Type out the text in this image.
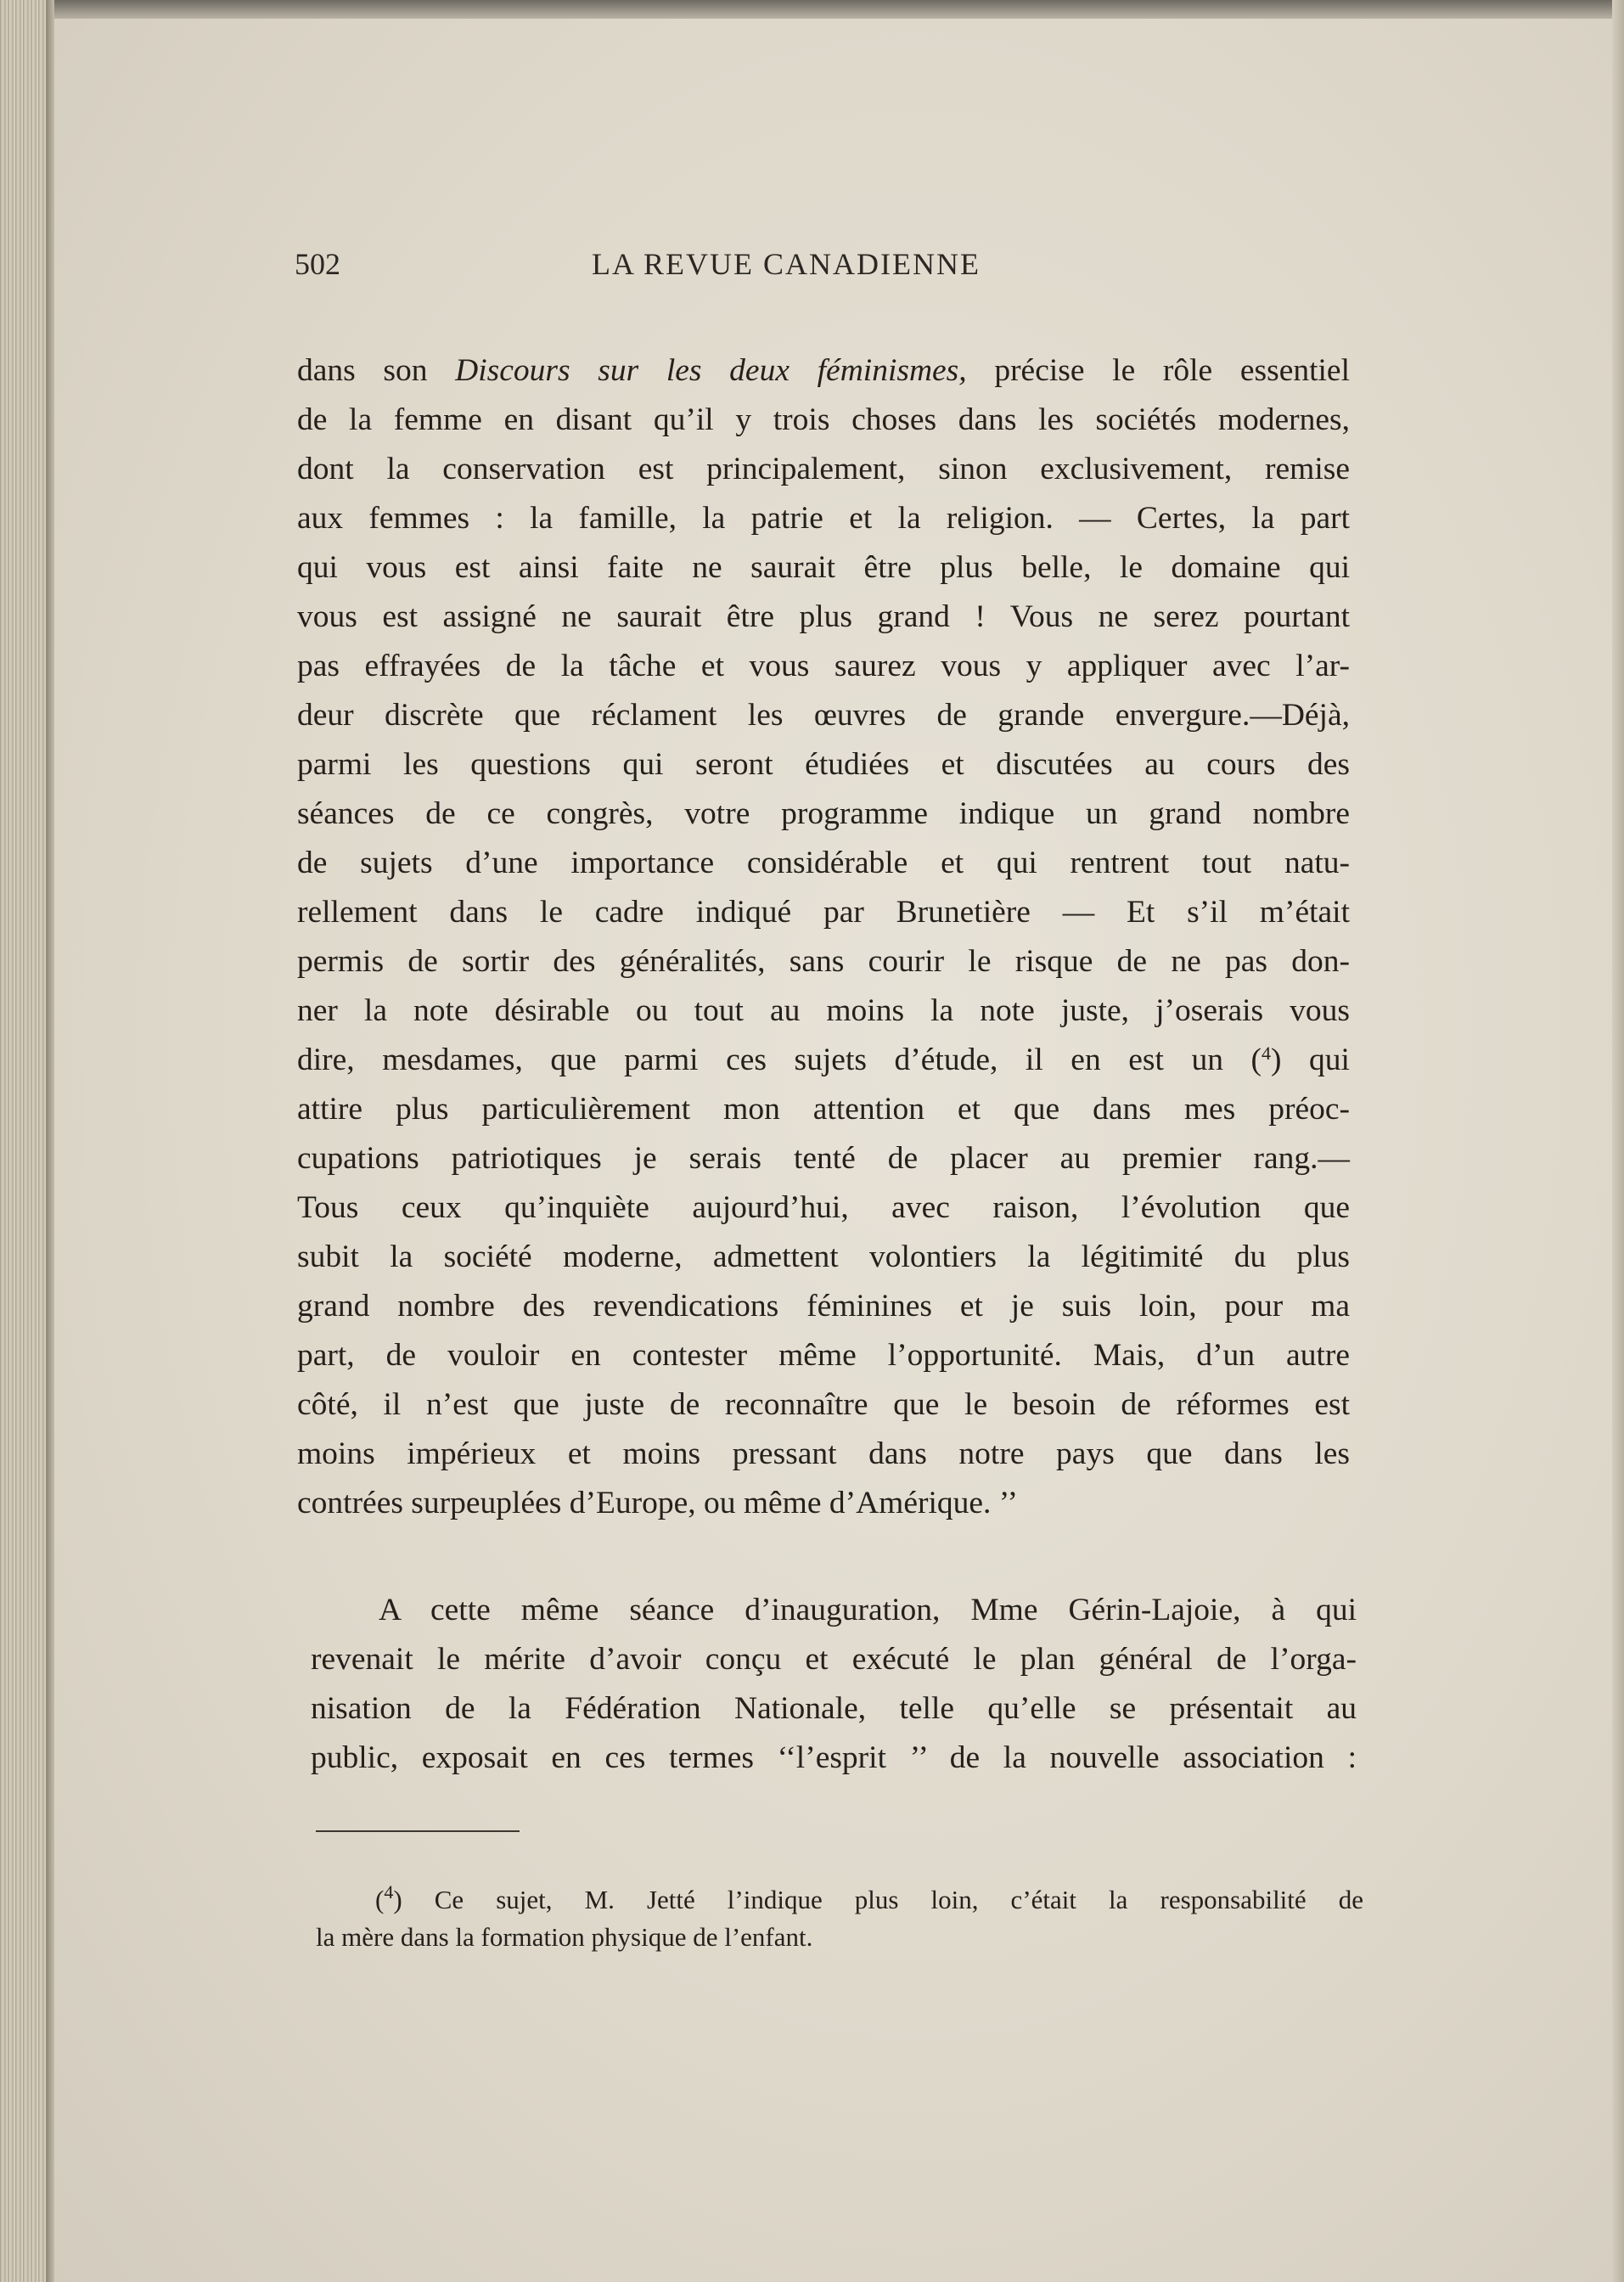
502	LA REVUE CANADIENNE
dans son Discours sur les deux féminismes, précise le rôle essentiel
de la femme en disant qu’il y trois choses dans les sociétés modernes,
dont la conservation est principalement, sinon exclusivement, remise
aux femmes : la famille, la patrie et la religion. — Certes, la part
qui vous est ainsi faite ne saurait être plus belle, le domaine qui
vous est assigné ne saurait être plus grand ! Vous ne serez pourtant
pas effrayées de la tâche et vous saurez vous y appliquer avec l’ar-
deur discrète que réclament les œuvres de grande envergure.—Déjà,
parmi les questions qui seront étudiées et discutées au cours des
séances de ce congrès, votre programme indique un grand nombre
de sujets d’une importance considérable et qui rentrent tout natu-
rellement dans le cadre indiqué par Brunetière — Et s’il m’était
permis de sortir des généralités, sans courir le risque de ne pas don-
ner la note désirable ou tout au moins la note juste, j’oserais vous
dire, mesdames, que parmi ces sujets d’étude, il en est un ($^4$) qui
attire plus particulièrement mon attention et que dans mes préoc-
cupations patriotiques je serais tenté de placer au premier rang.—
Tous ceux qu’inquiète aujourd’hui, avec raison, l’évolution que
subit la société moderne, admettent volontiers la légitimité du plus
grand nombre des revendications féminines et je suis loin, pour ma
part, de vouloir en contester même l’opportunité. Mais, d’un autre
côté, il n’est que juste de reconnaître que le besoin de réformes est
moins impérieux et moins pressant dans notre pays que dans les
contrées surpeuplées d’Europe, ou même d’Amérique. ’’
A cette même séance d’inauguration, Mme Gérin-Lajoie, à qui
revenait le mérite d’avoir conçu et exécuté le plan général de l’orga-
nisation de la Fédération Nationale, telle qu’elle se présentait au
public, exposait en ces termes ‘‘l’esprit ’’ de la nouvelle association :
($^4$) Ce sujet, M. Jetté l’indique plus loin, c’était la responsabilité de
la mère dans la formation physique de l’enfant.
